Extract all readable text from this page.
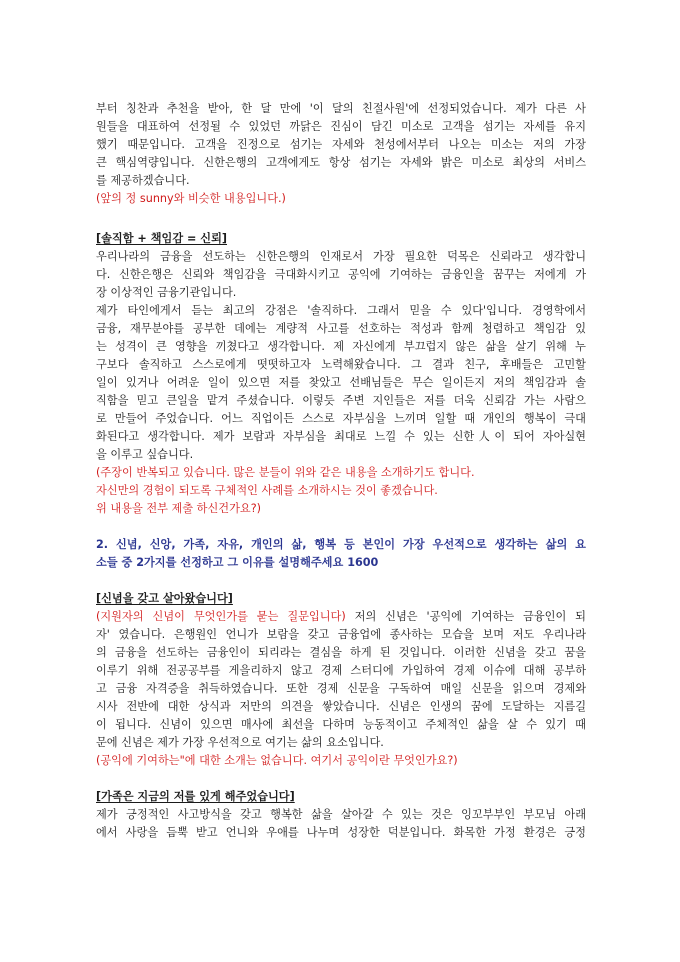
부터 칭찬과 추천을 받아, 한 달 만에 '이 달의 친절사원'에 선정되었습니다. 제가 다른 사
원들을 대표하여 선정될 수 있었던 까닭은 진심이 담긴 미소로 고객을 섬기는 자세를 유지
했기 때문입니다. 고객을 진정으로 섬기는 자세와 천성에서부터 나오는 미소는 저의 가장
큰 핵심역량입니다. 신한은행의 고객에게도 항상 섬기는 자세와 밝은 미소로 최상의 서비스
를 제공하겠습니다.
(앞의 정 sunny와 비슷한 내용입니다.)
[솔직함 + 책임감 = 신뢰]
우리나라의 금융을 선도하는 신한은행의 인재로서 가장 필요한 덕목은 신뢰라고 생각합니
다. 신한은행은 신뢰와 책임감을 극대화시키고 공익에 기여하는 금융인을 꿈꾸는 저에게 가
장 이상적인 금융기관입니다.
제가 타인에게서 듣는 최고의 강점은 '솔직하다. 그래서 믿을 수 있다'입니다. 경영학에서
금융, 재무분야를 공부한 데에는 계량적 사고를 선호하는 적성과 함께 청렴하고 책임감 있
는 성격이 큰 영향을 끼쳤다고 생각합니다. 제 자신에게 부끄럽지 않은 삶을 살기 위해 누
구보다 솔직하고 스스로에게 떳떳하고자 노력해왔습니다. 그 결과 친구, 후배들은 고민할
일이 있거나 어려운 일이 있으면 저를 찾았고 선배님들은 무슨 일이든지 저의 책임감과 솔
직함을 믿고 큰일을 맡겨 주셨습니다. 이렇듯 주변 지인들은 저를 더욱 신뢰감 가는 사람으
로 만들어 주었습니다. 어느 직업이든 스스로 자부심을 느끼며 일할 때 개인의 행복이 극대
화된다고 생각합니다. 제가 보람과 자부심을 최대로 느낄 수 있는 신한人이 되어 자아실현
을 이루고 싶습니다.
(주장이 반복되고 있습니다. 많은 분들이 위와 같은 내용을 소개하기도 합니다.
자신만의 경험이 되도록 구체적인 사례를 소개하시는 것이 좋겠습니다.
위 내용을 전부 제출 하신건가요?)
2. 신념, 신앙, 가족, 자유, 개인의 삶, 행복 등 본인이 가장 우선적으로 생각하는 삶의 요
소들 중 2가지를 선정하고 그 이유를 설명해주세요 1600
[신념을 갖고 살아왔습니다]
(지원자의 신념이 무엇인가를 묻는 질문입니다) 저의 신념은 '공익에 기여하는 금융인이 되
자' 였습니다. 은행원인 언니가 보람을 갖고 금융업에 종사하는 모습을 보며 저도 우리나라
의 금융을 선도하는 금융인이 되리라는 결심을 하게 된 것입니다. 이러한 신념을 갖고 꿈을
이루기 위해 전공공부를 게을리하지 않고 경제 스터디에 가입하여 경제 이슈에 대해 공부하
고 금융 자격증을 취득하였습니다. 또한 경제 신문을 구독하여 매일 신문을 읽으며 경제와
시사 전반에 대한 상식과 저만의 의견을 쌓았습니다. 신념은 인생의 꿈에 도달하는 지름길
이 됩니다. 신념이 있으면 매사에 최선을 다하며 능동적이고 주체적인 삶을 살 수 있기 때
문에 신념은 제가 가장 우선적으로 여기는 삶의 요소입니다.
(공익에 기여하는"에 대한 소개는 없습니다. 여기서 공익이란 무엇인가요?)
[가족은 지금의 저를 있게 해주었습니다]
제가 긍정적인 사고방식을 갖고 행복한 삶을 살아갈 수 있는 것은 잉꼬부부인 부모님 아래
에서 사랑을 듬뿍 받고 언니와 우애를 나누며 성장한 덕분입니다. 화목한 가정 환경은 긍정
